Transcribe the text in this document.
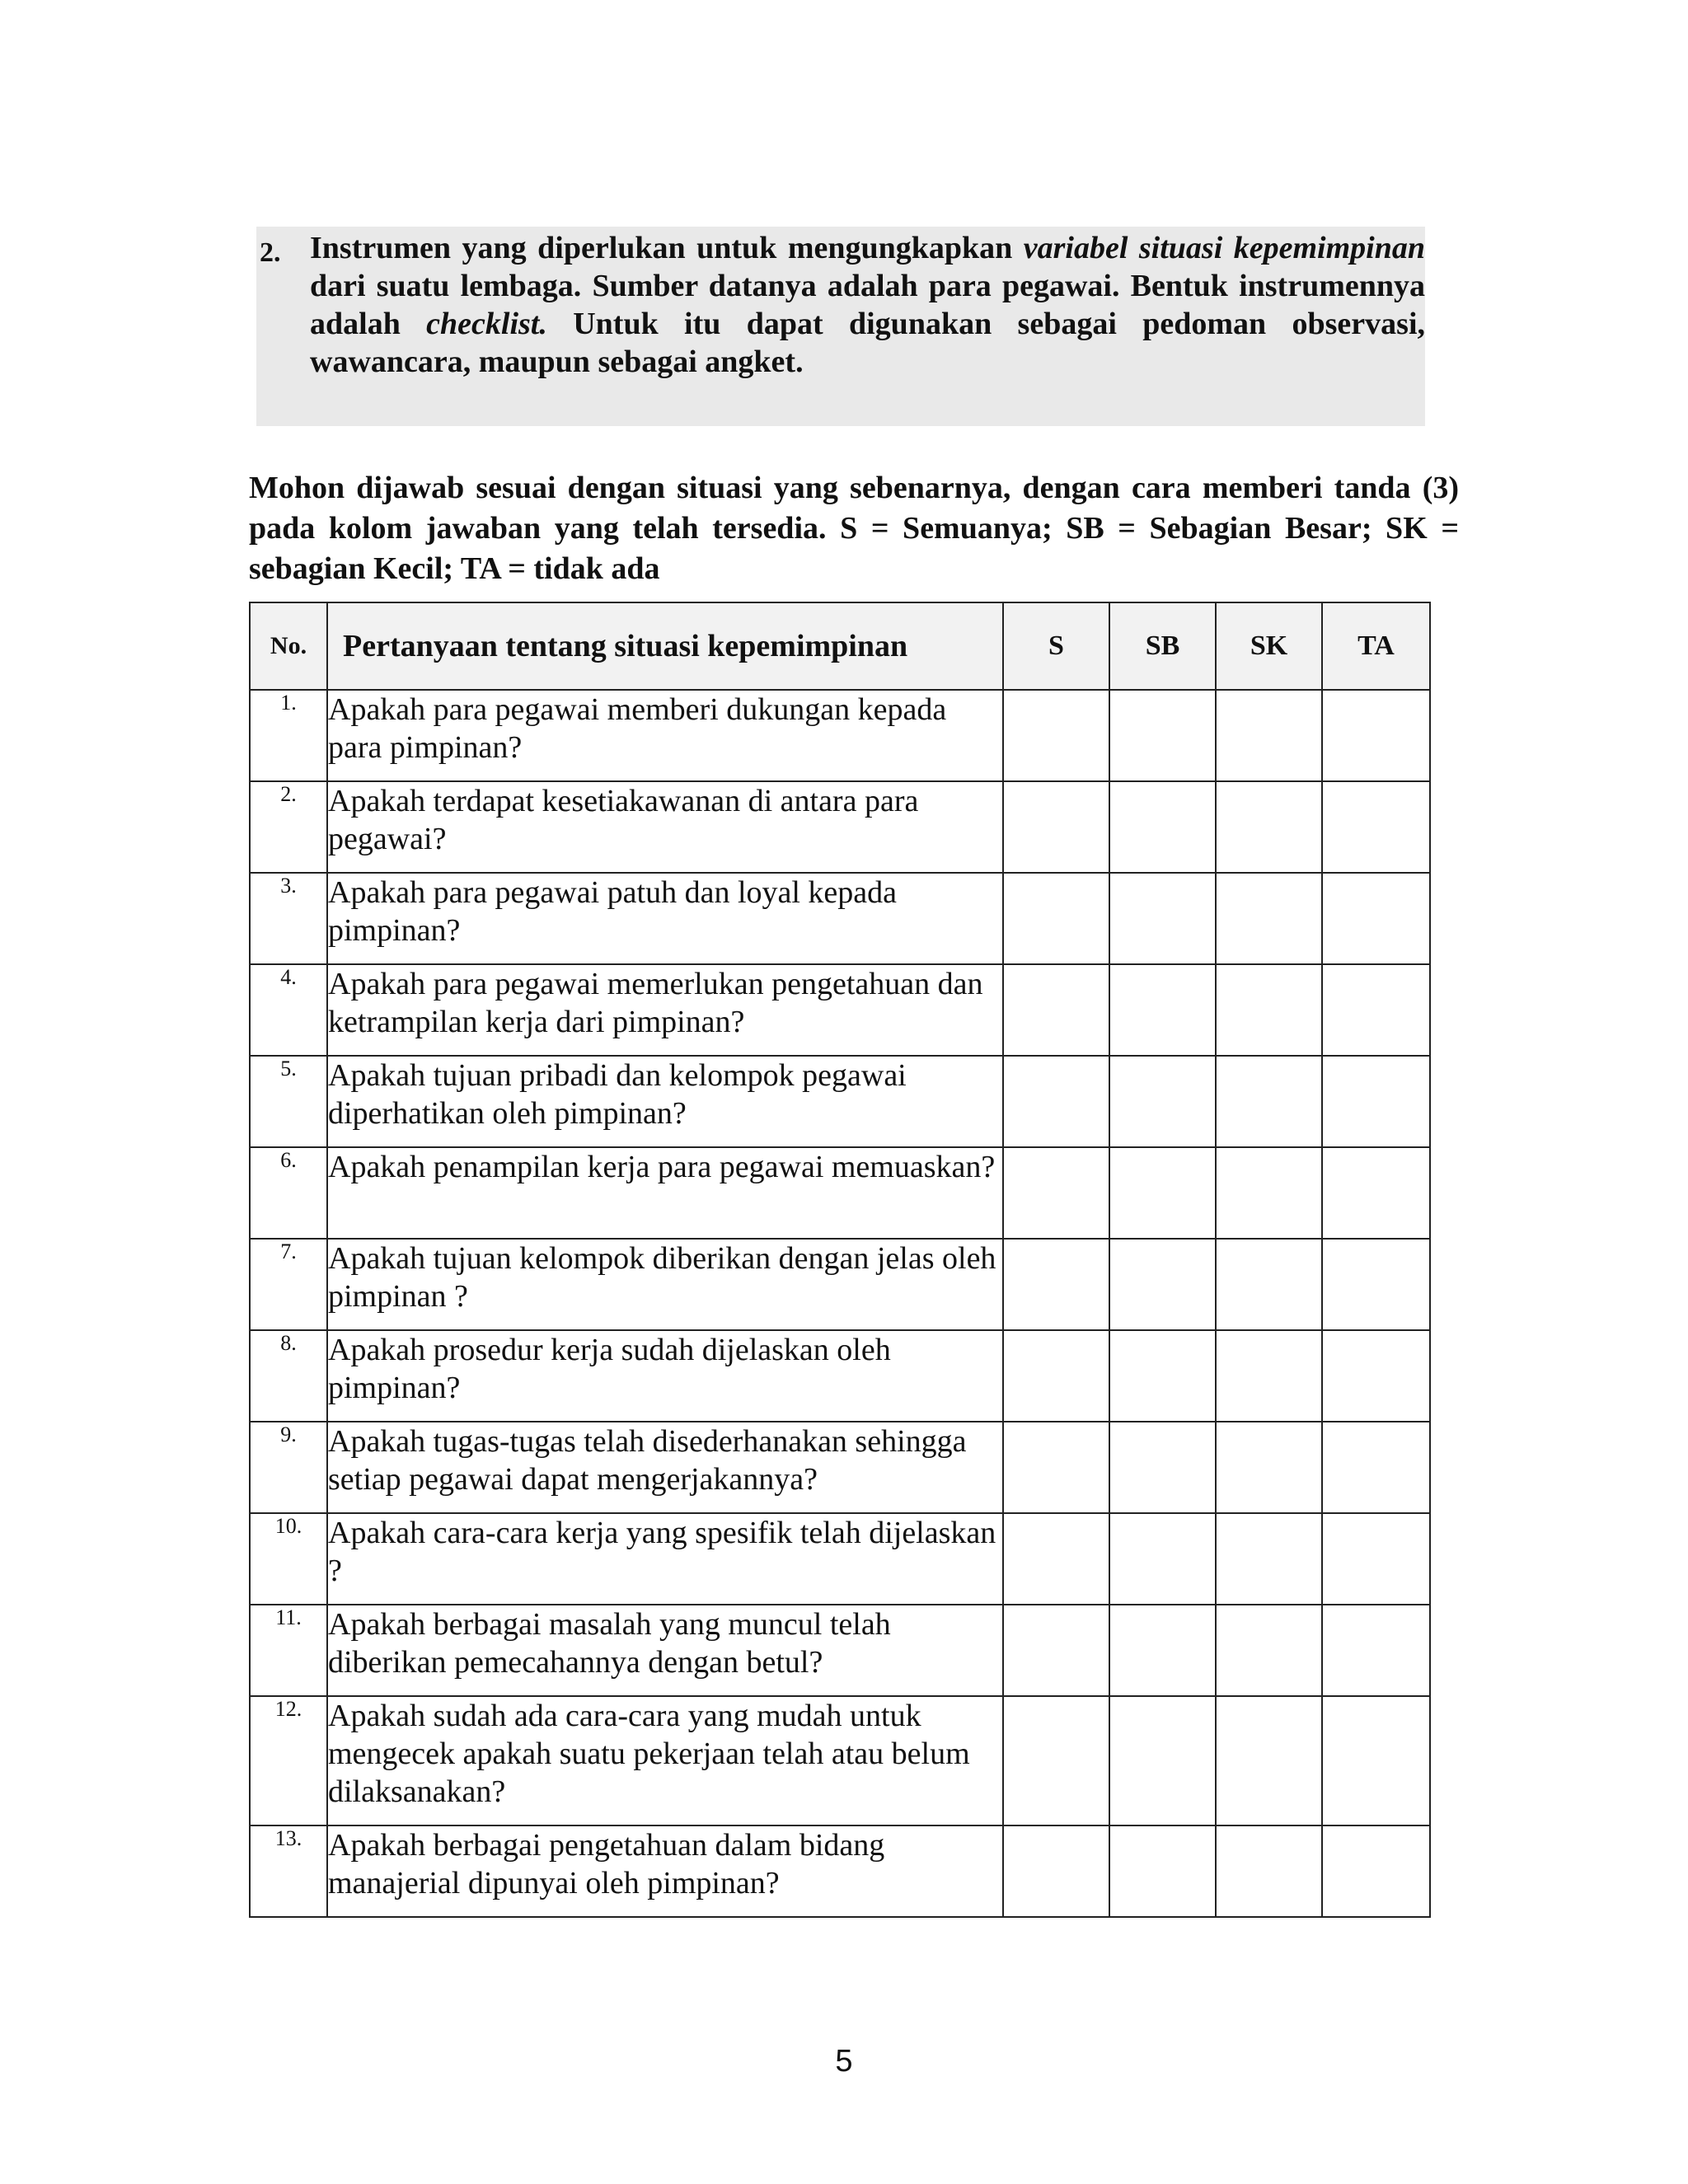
2. Instrumen yang diperlukan untuk mengungkapkan variabel situasi kepemimpinan dari suatu lembaga. Sumber datanya adalah para pegawai. Bentuk instrumennya adalah checklist. Untuk itu dapat digunakan sebagai pedoman observasi, wawancara, maupun sebagai angket.
Mohon dijawab sesuai dengan situasi yang sebenarnya, dengan cara memberi tanda (3) pada kolom jawaban yang telah tersedia. S = Semuanya; SB = Sebagian Besar; SK = sebagian Kecil; TA = tidak ada
No.	Pertanyaan tentang situasi kepemimpinan	S	SB	SK	TA
1.	Apakah para pegawai memberi dukungan kepada para pimpinan?				
2.	Apakah terdapat kesetiakawanan di antara para pegawai?				
3.	Apakah para pegawai patuh dan loyal kepada pimpinan?				
4.	Apakah para pegawai memerlukan pengetahuan dan ketrampilan kerja dari pimpinan?				
5.	Apakah tujuan pribadi dan kelompok pegawai diperhatikan oleh pimpinan?				
6.	Apakah penampilan kerja para pegawai memuaskan?				
7.	Apakah tujuan kelompok diberikan dengan jelas oleh pimpinan ?				
8.	Apakah prosedur kerja sudah dijelaskan oleh pimpinan?				
9.	Apakah tugas-tugas telah disederhanakan sehingga setiap pegawai dapat mengerjakannya?				
10.	Apakah cara-cara kerja yang spesifik telah dijelaskan ?				
11.	Apakah berbagai masalah yang muncul telah diberikan pemecahannya dengan betul?				
12.	Apakah sudah ada cara-cara yang mudah untuk mengecek apakah suatu pekerjaan telah atau belum dilaksanakan?				
13.	Apakah berbagai pengetahuan dalam bidang manajerial dipunyai oleh pimpinan?				
5
